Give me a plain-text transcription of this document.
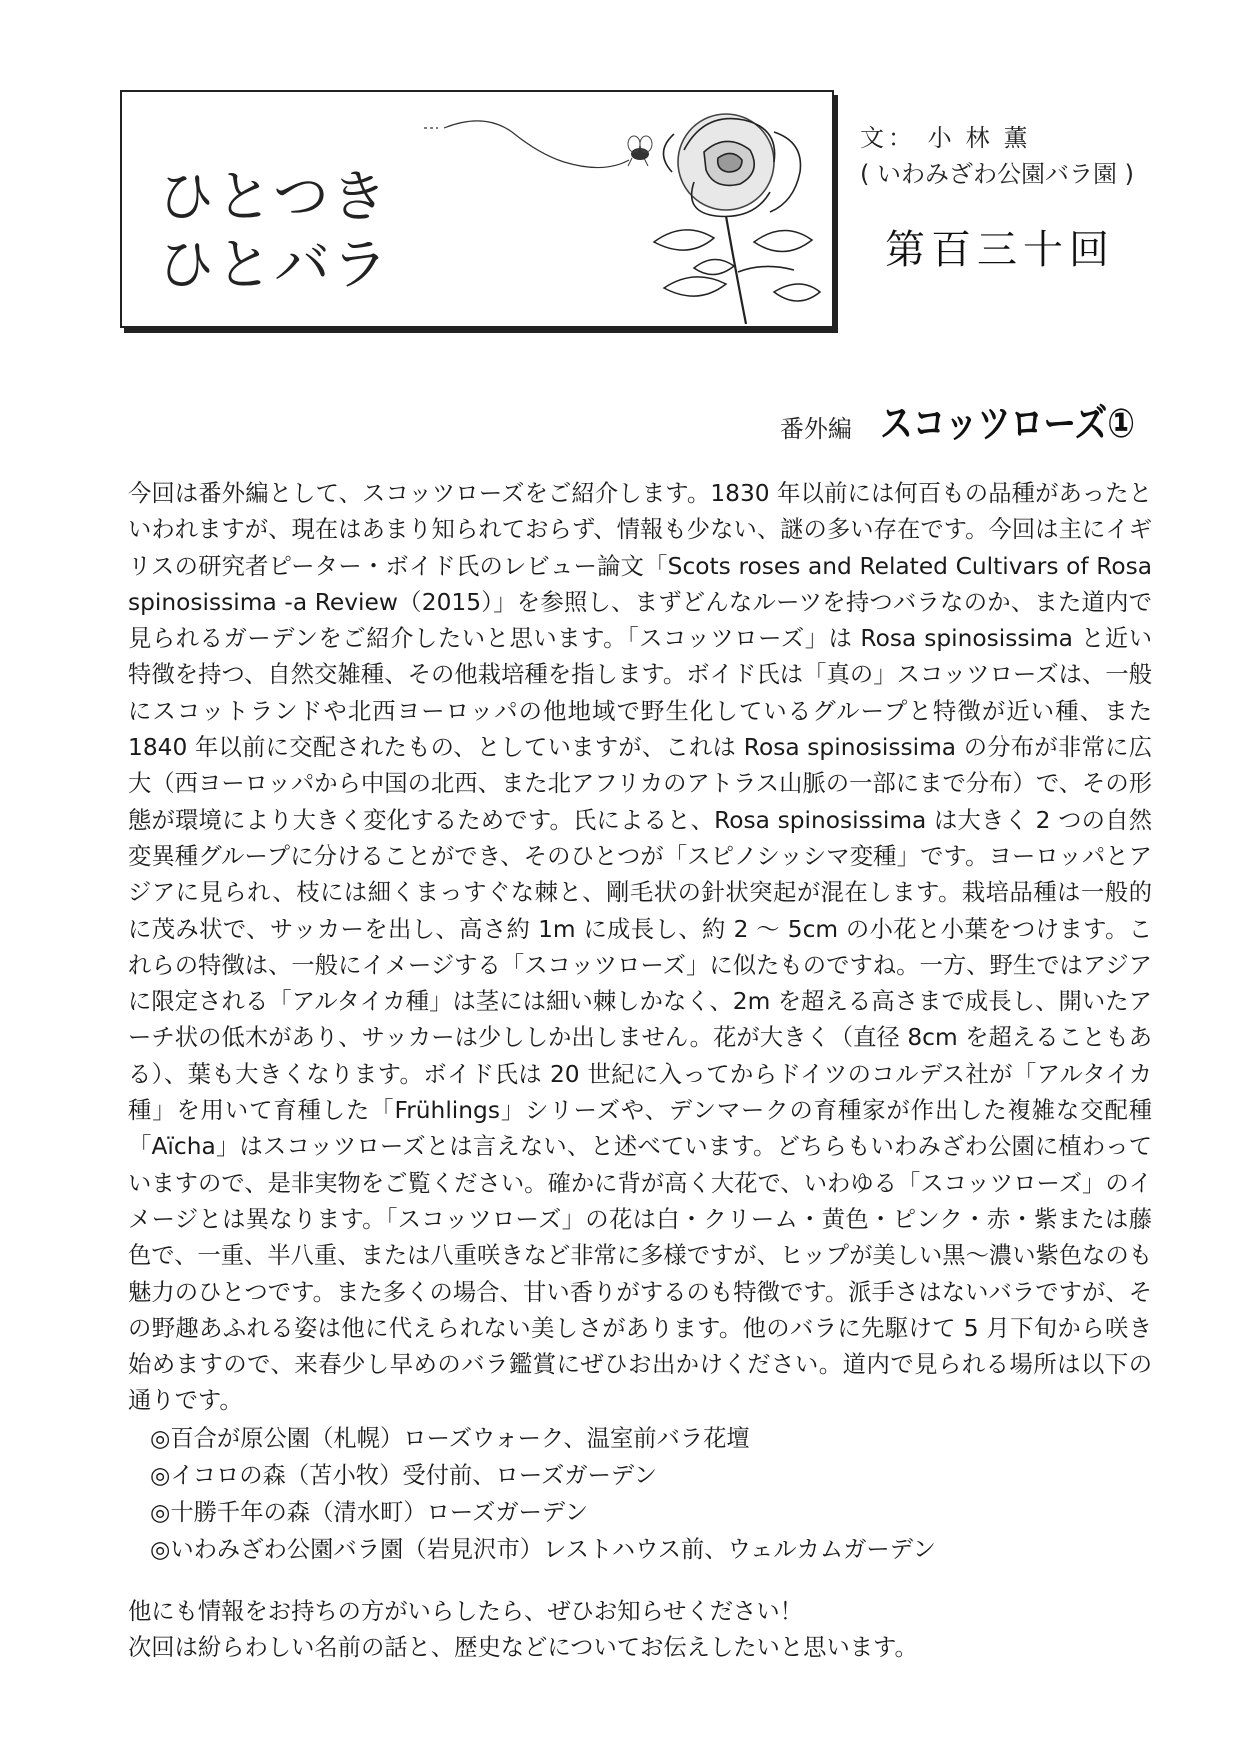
ひとつき
ひとバラ
文： 小林薫
( いわみざわ公園バラ園 )
第百三十回
番外編 スコッツローズ①
今回は番外編として、スコッツローズをご紹介します。1830 年以前には何百もの品種があったといわれますが、現在はあまり知られておらず、情報も少ない、謎の多い存在です。今回は主にイギリスの研究者ピーター・ボイド氏のレビュー論文「Scots roses and Related Cultivars of Rosa spinosissima -a Review（2015）」を参照し、まずどんなルーツを持つバラなのか、また道内で見られるガーデンをご紹介したいと思います。「スコッツローズ」は Rosa spinosissima と近い特徴を持つ、自然交雑種、その他栽培種を指します。ボイド氏は「真の」スコッツローズは、一般にスコットランドや北西ヨーロッパの他地域で野生化しているグループと特徴が近い種、また 1840 年以前に交配されたもの、としていますが、これは Rosa spinosissima の分布が非常に広大（西ヨーロッパから中国の北西、また北アフリカのアトラス山脈の一部にまで分布）で、その形態が環境により大きく変化するためです。氏によると、Rosa spinosissima は大きく 2 つの自然変異種グループに分けることができ、そのひとつが「スピノシッシマ変種」です。ヨーロッパとアジアに見られ、枝には細くまっすぐな棘と、剛毛状の針状突起が混在します。栽培品種は一般的に茂み状で、サッカーを出し、高さ約 1m に成長し、約 2 ～ 5cm の小花と小葉をつけます。これらの特徴は、一般にイメージする「スコッツローズ」に似たものですね。一方、野生ではアジアに限定される「アルタイカ種」は茎には細い棘しかなく、2m を超える高さまで成長し、開いたアーチ状の低木があり、サッカーは少ししか出しません。花が大きく（直径 8cm を超えることもある）、葉も大きくなります。ボイド氏は 20 世紀に入ってからドイツのコルデス社が「アルタイカ種」を用いて育種した「Frühlings」シリーズや、デンマークの育種家が作出した複雑な交配種「Aïcha」はスコッツローズとは言えない、と述べています。どちらもいわみざわ公園に植わっていますので、是非実物をご覧ください。確かに背が高く大花で、いわゆる「スコッツローズ」のイメージとは異なります。「スコッツローズ」の花は白・クリーム・黄色・ピンク・赤・紫または藤色で、一重、半八重、または八重咲きなど非常に多様ですが、ヒップが美しい黒～濃い紫色なのも魅力のひとつです。また多くの場合、甘い香りがするのも特徴です。派手さはないバラですが、その野趣あふれる姿は他に代えられない美しさがあります。他のバラに先駆けて 5 月下旬から咲き始めますので、来春少し早めのバラ鑑賞にぜひお出かけください。道内で見られる場所は以下の通りです。
◎百合が原公園（札幌）ローズウォーク、温室前バラ花壇
◎イコロの森（苫小牧）受付前、ローズガーデン
◎十勝千年の森（清水町）ローズガーデン
◎いわみざわ公園バラ園（岩見沢市）レストハウス前、ウェルカムガーデン
他にも情報をお持ちの方がいらしたら、ぜひお知らせください！
次回は紛らわしい名前の話と、歴史などについてお伝えしたいと思います。
